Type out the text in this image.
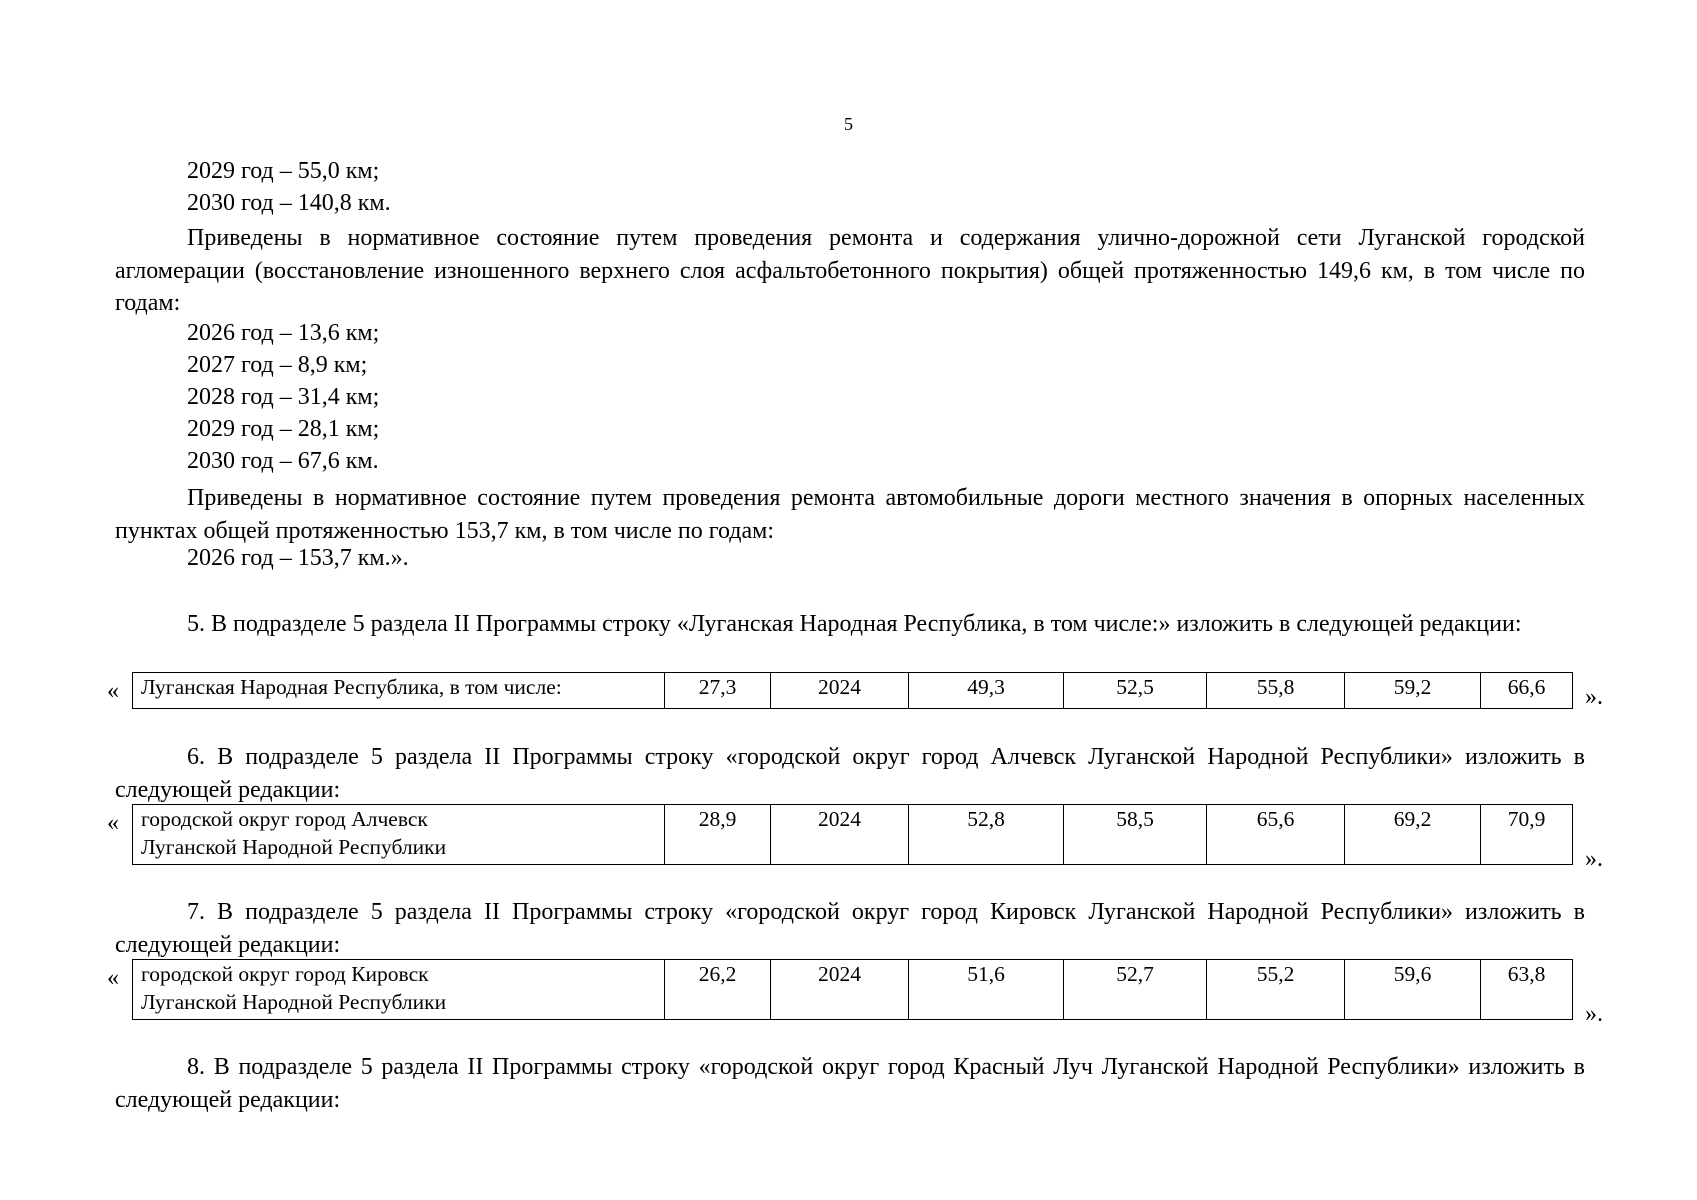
5
2029 год – 55,0 км;
2030 год – 140,8 км.
Приведены в нормативное состояние путем проведения ремонта и содержания улично-дорожной сети Луганской городской агломерации (восстановление изношенного верхнего слоя асфальтобетонного покрытия) общей протяженностью 149,6 км, в том числе по годам:
2026 год – 13,6 км;
2027 год – 8,9 км;
2028 год – 31,4 км;
2029 год – 28,1 км;
2030 год – 67,6 км.
Приведены в нормативное состояние путем проведения ремонта автомобильные дороги местного значения в опорных населенных пунктах общей протяженностью 153,7 км, в том числе по годам:
2026 год – 153,7 км.».
5. В подразделе 5 раздела II Программы строку «Луганская Народная Республика, в том числе:» изложить в следующей редакции:
« Луганская Народная Республика, в том числе:	27,3	2024	49,3	52,5	55,8	59,2	66,6 ».
6. В подразделе 5 раздела II Программы строку «городской округ город Алчевск Луганской Народной Республики» изложить в следующей редакции:
« городской округ город Алчевск
Луганской Народной Республики
	28,9	2024	52,8	58,5	65,6	69,2	70,9
».
7. В подразделе 5 раздела II Программы строку «городской округ город Кировск Луганской Народной Республики» изложить в следующей редакции:
« городской округ город Кировск
Луганской Народной Республики
	26,2	2024	51,6	52,7	55,2	59,6	63,8
».
8. В подразделе 5 раздела II Программы строку «городской округ город Красный Луч Луганской Народной Республики» изложить в следующей редакции:
